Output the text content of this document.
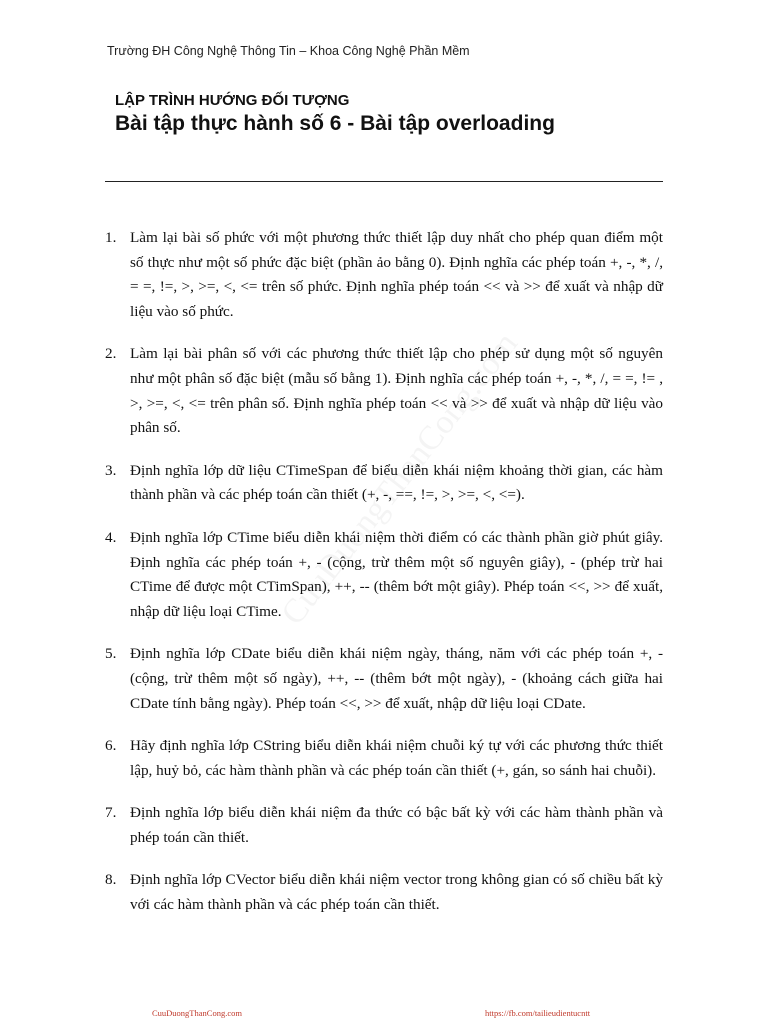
Trường ĐH Công Nghệ Thông Tin – Khoa Công Nghệ Phần Mềm
LẬP TRÌNH HƯỚNG ĐỐI TƯỢNG
Bài tập thực hành số 6 - Bài tập overloading
1. Làm lại bài số phức với một phương thức thiết lập duy nhất cho phép quan điểm một số thực như một số phức đặc biệt (phần ảo bằng 0). Định nghĩa các phép toán +, -, *, /, = =, !=, >, >=, <, <= trên số phức. Định nghĩa phép toán << và >> để xuất và nhập dữ liệu vào số phức.
2. Làm lại bài phân số với các phương thức thiết lập cho phép sử dụng một số nguyên như một phân số đặc biệt (mẫu số bằng 1). Định nghĩa các phép toán +, -, *, /, = =, != , >, >=, <, <= trên phân số. Định nghĩa phép toán << và >> để xuất và nhập dữ liệu vào phân số.
3. Định nghĩa lớp dữ liệu CTimeSpan để biểu diễn khái niệm khoảng thời gian, các hàm thành phần và các phép toán cần thiết (+, -, ==, !=, >, >=, <, <=).
4. Định nghĩa lớp CTime biểu diễn khái niệm thời điểm có các thành phần giờ phút giây. Định nghĩa các phép toán +, - (cộng, trừ thêm một số nguyên giây), - (phép trừ hai CTime để được một CTimSpan), ++, -- (thêm bớt một giây). Phép toán <<, >> để xuất, nhập dữ liệu loại CTime.
5. Định nghĩa lớp CDate biểu diễn khái niệm ngày, tháng, năm với các phép toán +, - (cộng, trừ thêm một số ngày), ++, -- (thêm bớt một ngày), - (khoảng cách giữa hai CDate tính bằng ngày). Phép toán <<, >> để xuất, nhập dữ liệu loại CDate.
6. Hãy định nghĩa lớp CString biểu diễn khái niệm chuỗi ký tự với các phương thức thiết lập, huỷ bỏ, các hàm thành phần và các phép toán cần thiết (+, gán, so sánh hai chuỗi).
7. Định nghĩa lớp biểu diễn khái niệm đa thức có bậc bất kỳ với các hàm thành phần và phép toán cần thiết.
8. Định nghĩa lớp CVector biểu diễn khái niệm vector trong không gian có số chiều bất kỳ với các hàm thành phần và các phép toán cần thiết.
CuuDuongThanCong.com	https://fb.com/tailieudientucntt
